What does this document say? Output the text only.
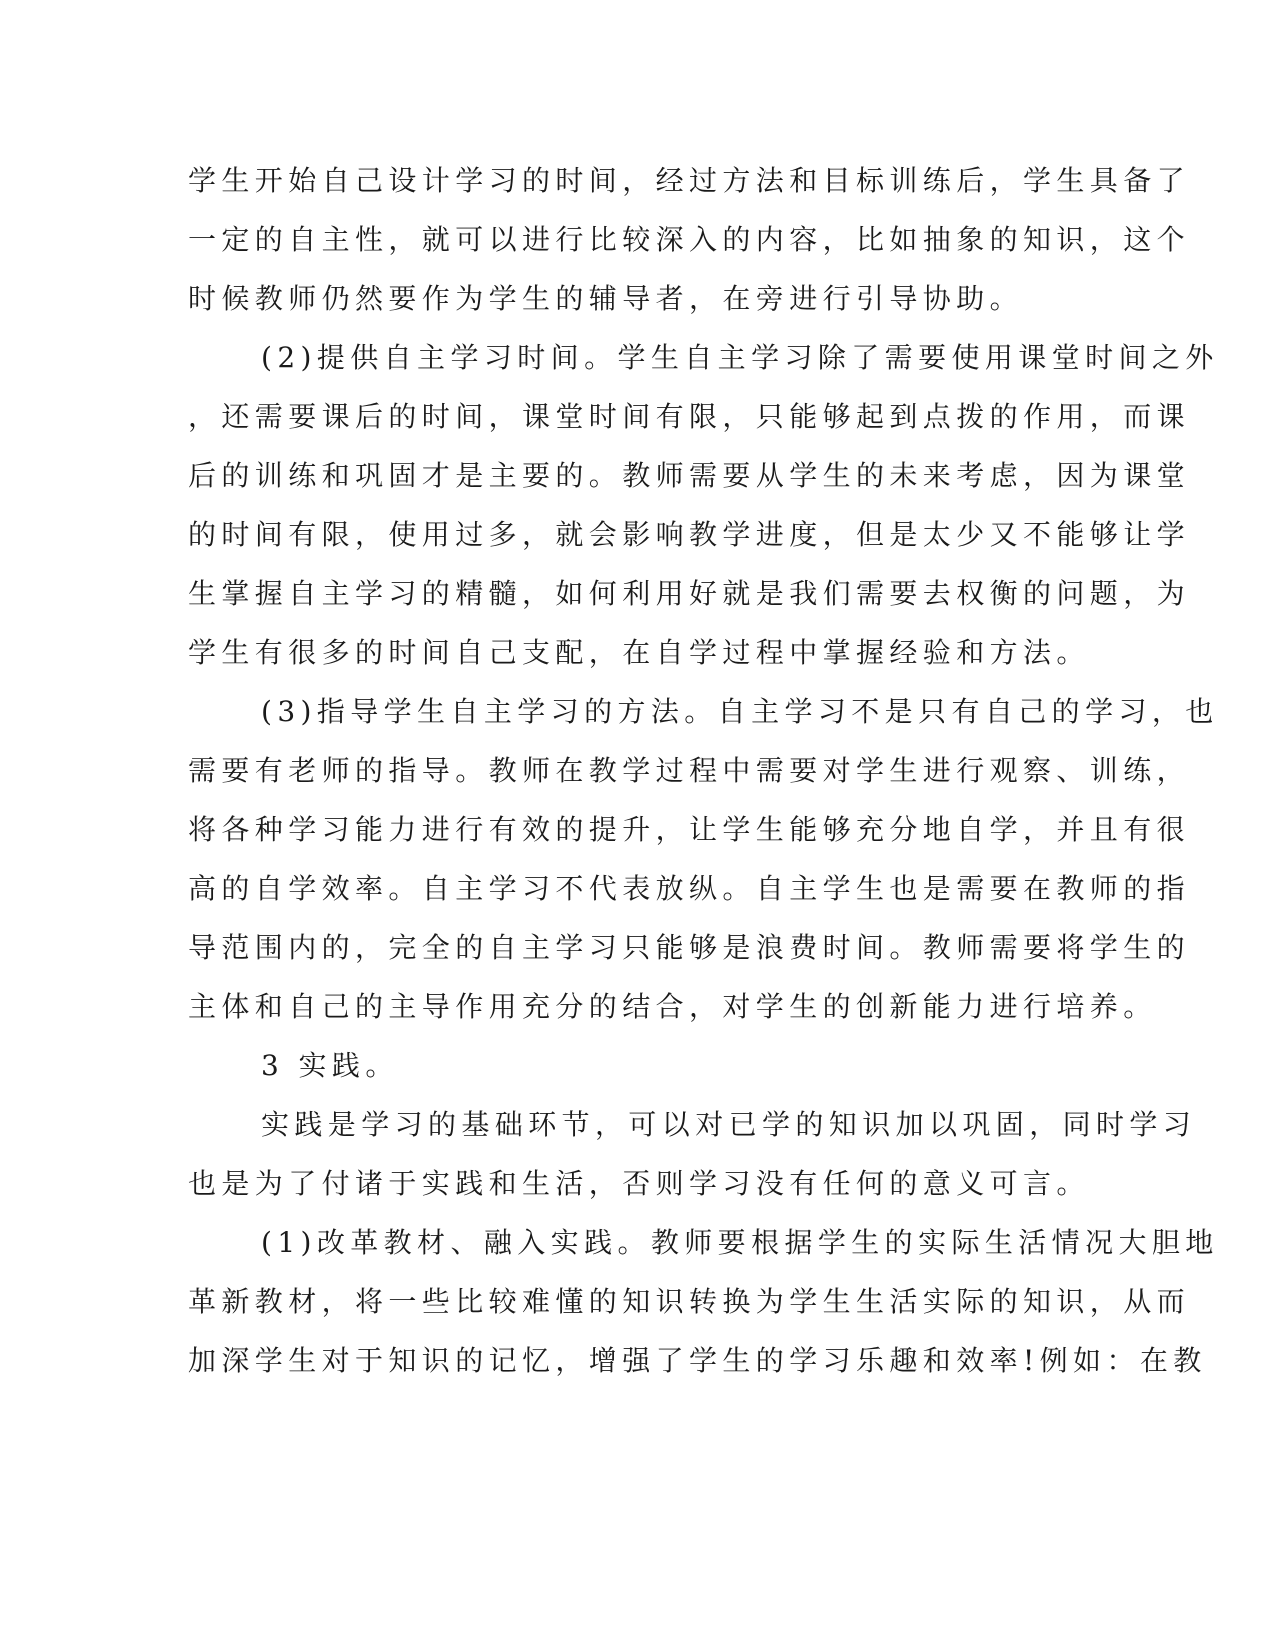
学生开始自己设计学习的时间，经过方法和目标训练后，学生具备了
一定的自主性，就可以进行比较深入的内容，比如抽象的知识，这个
时候教师仍然要作为学生的辅导者，在旁进行引导协助。
(2)提供自主学习时间。学生自主学习除了需要使用课堂时间之外
，还需要课后的时间，课堂时间有限，只能够起到点拨的作用，而课
后的训练和巩固才是主要的。教师需要从学生的未来考虑，因为课堂
的时间有限，使用过多，就会影响教学进度，但是太少又不能够让学
生掌握自主学习的精髓，如何利用好就是我们需要去权衡的问题，为
学生有很多的时间自己支配，在自学过程中掌握经验和方法。
(3)指导学生自主学习的方法。自主学习不是只有自己的学习，也
需要有老师的指导。教师在教学过程中需要对学生进行观察、训练，
将各种学习能力进行有效的提升，让学生能够充分地自学，并且有很
高的自学效率。自主学习不代表放纵。自主学生也是需要在教师的指
导范围内的，完全的自主学习只能够是浪费时间。教师需要将学生的
主体和自己的主导作用充分的结合，对学生的创新能力进行培养。
3 实践。
实践是学习的基础环节，可以对已学的知识加以巩固，同时学习
也是为了付诸于实践和生活，否则学习没有任何的意义可言。
(1)改革教材、融入实践。教师要根据学生的实际生活情况大胆地
革新教材，将一些比较难懂的知识转换为学生生活实际的知识，从而
加深学生对于知识的记忆，增强了学生的学习乐趣和效率!例如：在教
